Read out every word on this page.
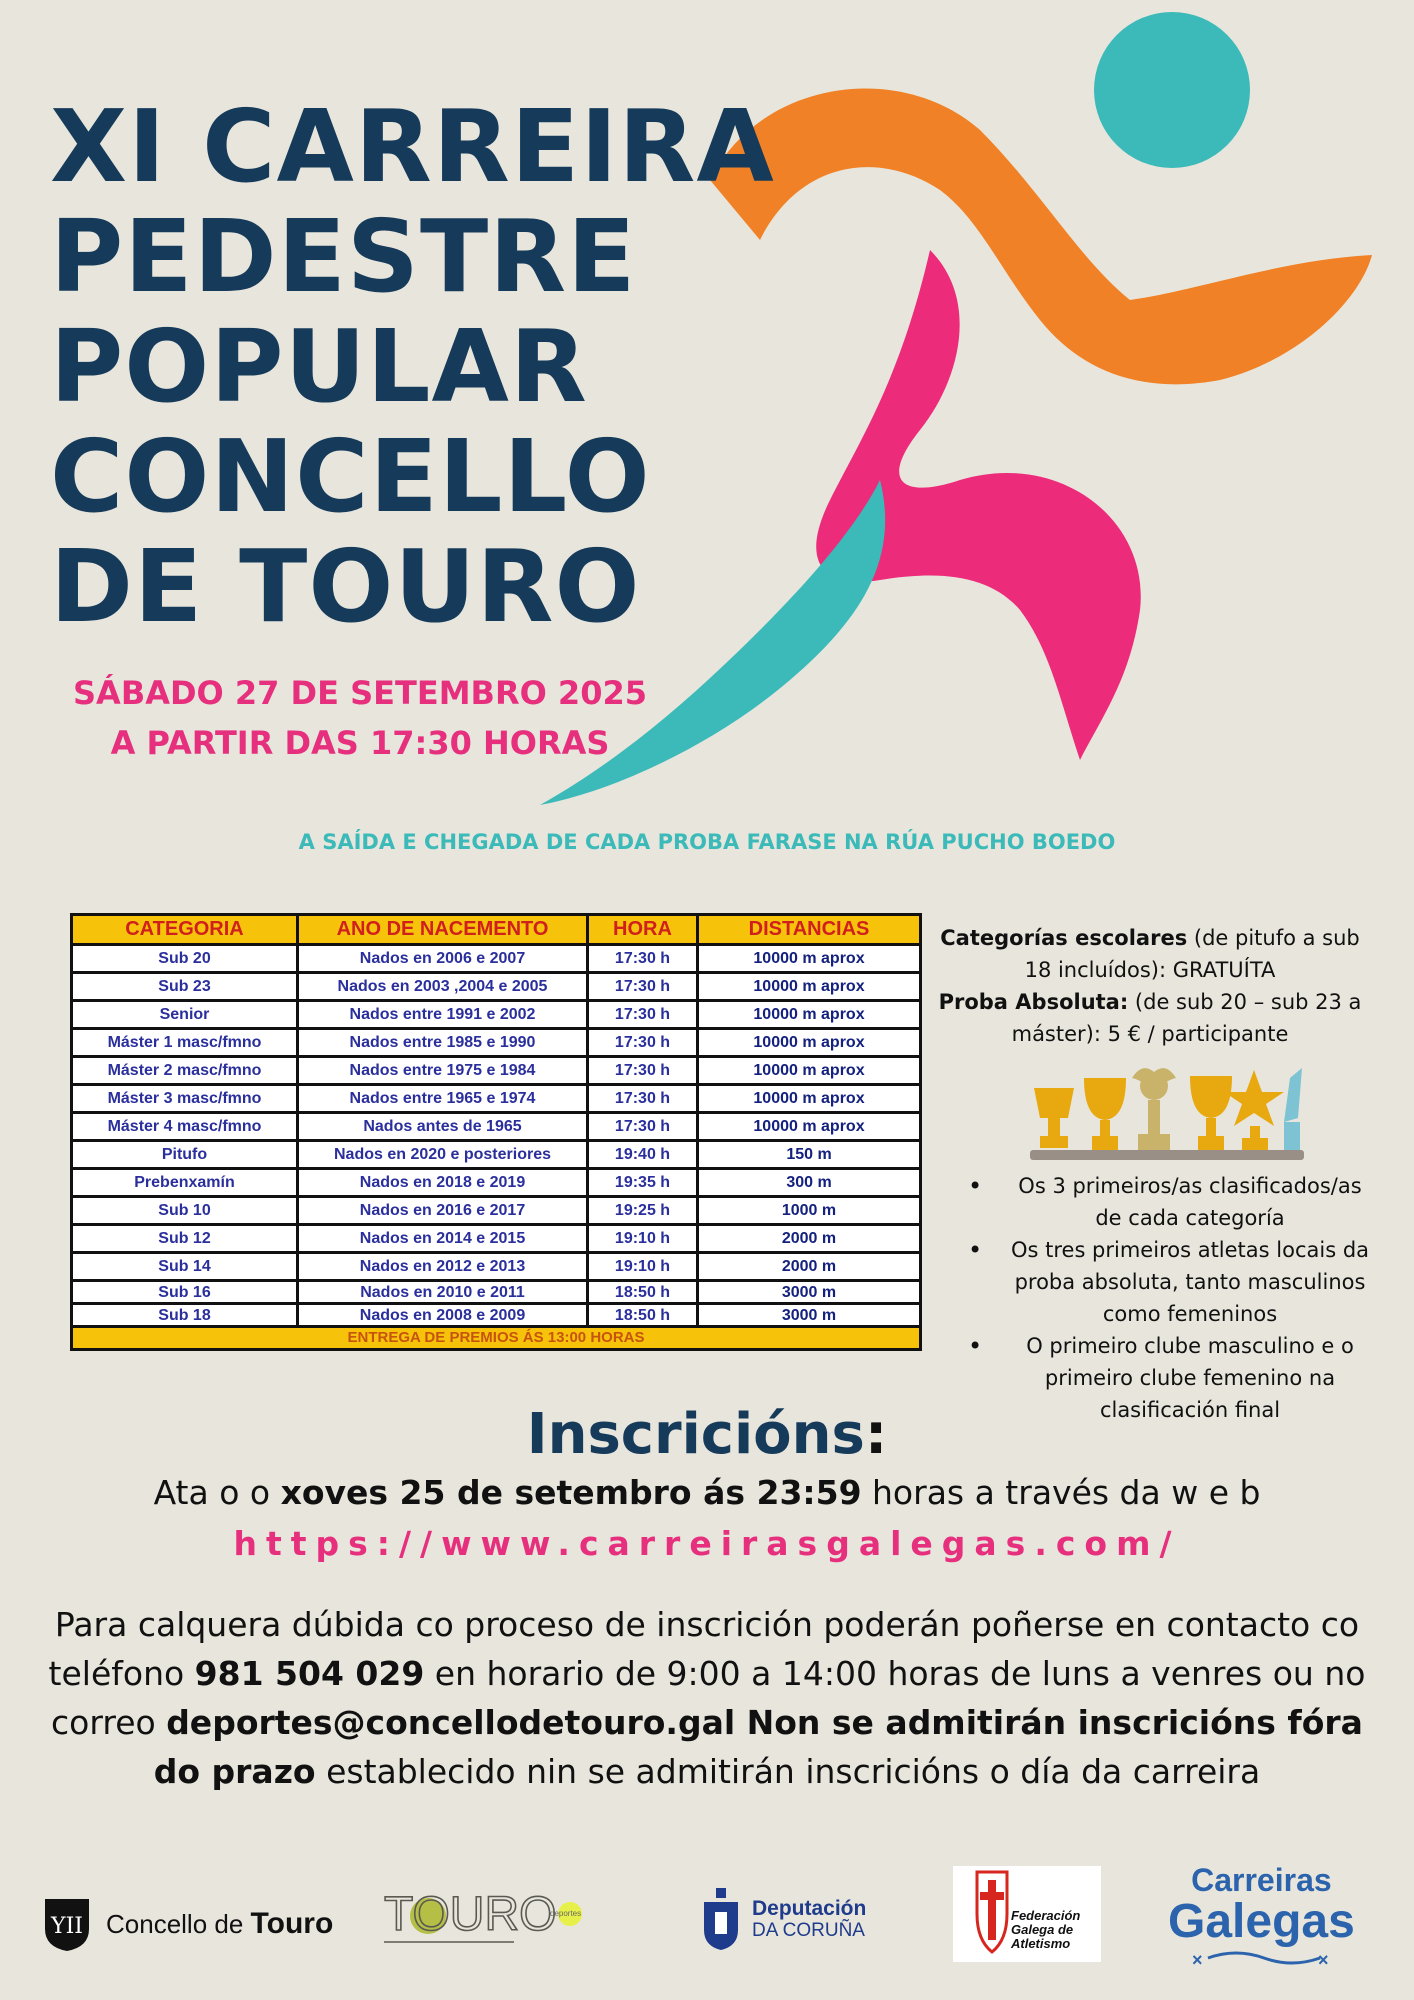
XI CARREIRA
PEDESTRE
POPULAR
CONCELLO
DE TOURO
SÁBADO 27 DE SETEMBRO 2025
A PARTIR DAS 17:30 HORAS
A SAÍDA E CHEGADA DE CADA PROBA FARASE NA RÚA PUCHO BOEDO
CATEGORIA	ANO DE NACEMENTO	HORA	DISTANCIAS
Sub 20	Nados en 2006 e 2007	17:30 h	10000 m aprox
Sub 23	Nados en 2003 ,2004 e 2005	17:30 h	10000 m aprox
Senior	Nados entre 1991 e 2002	17:30 h	10000 m aprox
Máster 1 masc/fmno	Nados entre 1985 e 1990	17:30 h	10000 m aprox
Máster 2 masc/fmno	Nados entre 1975 e 1984	17:30 h	10000 m aprox
Máster 3 masc/fmno	Nados entre 1965 e 1974	17:30 h	10000 m aprox
Máster 4 masc/fmno	Nados antes de 1965	17:30 h	10000 m aprox
Pitufo	Nados en 2020 e posteriores	19:40 h	150 m
Prebenxamín	Nados en 2018 e 2019	19:35 h	300 m
Sub 10	Nados en 2016 e 2017	19:25 h	1000 m
Sub 12	Nados en 2014 e 2015	19:10 h	2000 m
Sub 14	Nados en 2012 e 2013	19:10 h	2000 m
Sub 16	Nados en 2010 e 2011	18:50 h	3000 m
Sub 18	Nados en 2008 e 2009	18:50 h	3000 m
ENTREGA DE PREMIOS ÁS 13:00 HORAS			
Categorías escolares (de pitufo a sub 18 incluídos): GRATUÍTA
Proba Absoluta: (de sub 20 – sub 23 a máster): 5 € / participante
• Os 3 primeiros/as clasificados/as de cada categoría
• Os tres primeiros atletas locais da proba absoluta, tanto masculinos como femeninos
• O primeiro clube masculino e o primeiro clube femenino na clasificación final
Inscricións:
Ata o o xoves 25 de setembro ás 23:59 horas a través da w e b
https://www.carreirasgalegas.com/
Para calquera dúbida co proceso de inscrición poderán poñerse en contacto co teléfono 981 504 029 en horario de 9:00 a 14:00 horas de luns a venres ou no correo deportes@concellodetouro.gal Non se admitirán inscricións fóra do prazo establecido nin se admitirán inscricións o día da carreira
YII Concello de Touro TOURO
deportes	Deputación
DA CORUÑA
Federación
Galega de
Atletismo
Carreiras
Galegas
×	×
